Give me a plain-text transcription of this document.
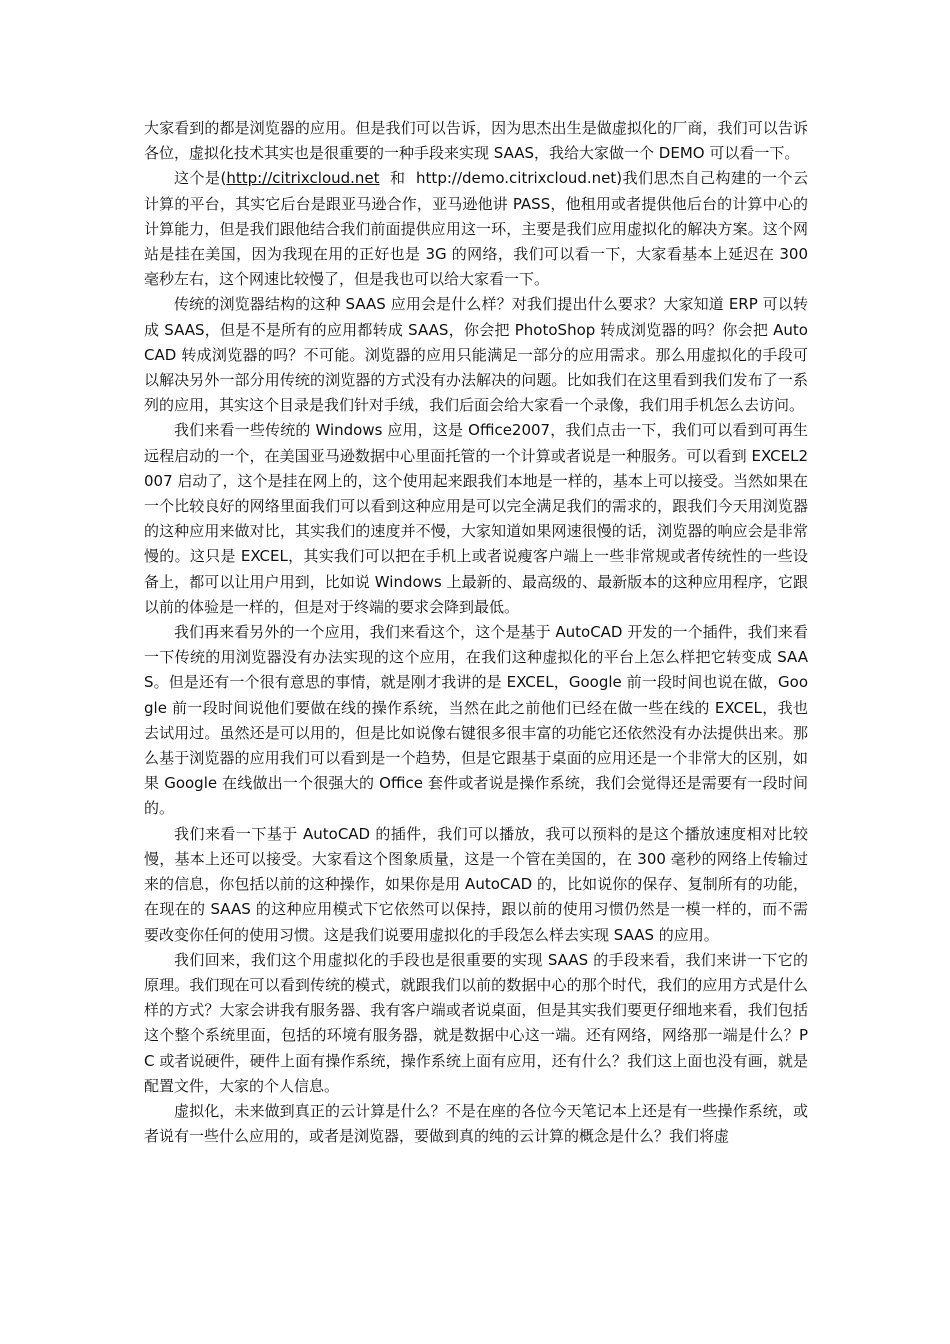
大家看到的都是浏览器的应用。但是我们可以告诉，因为思杰出生是做虚拟化的厂商，我们可以告诉各位，虚拟化技术其实也是很重要的一种手段来实现 SAAS，我给大家做一个 DEMO 可以看一下。

这个是(http://citrixcloud.net  和  http://demo.citrixcloud.net)我们思杰自己构建的一个云计算的平台，其实它后台是跟亚马逊合作，亚马逊他讲 PASS，他租用或者提供他后台的计算中心的计算能力，但是我们跟他结合我们前面提供应用这一环，主要是我们应用虚拟化的解决方案。这个网站是挂在美国，因为我现在用的正好也是 3G 的网络，我们可以看一下，大家看基本上延迟在 300 毫秒左右，这个网速比较慢了，但是我也可以给大家看一下。

传统的浏览器结构的这种 SAAS 应用会是什么样？对我们提出什么要求？大家知道 ERP 可以转成 SAAS，但是不是所有的应用都转成 SAAS，你会把 PhotoShop 转成浏览器的吗？你会把 AutoCAD 转成浏览器的吗？不可能。浏览器的应用只能满足一部分的应用需求。那么用虚拟化的手段可以解决另外一部分用传统的浏览器的方式没有办法解决的问题。比如我们在这里看到我们发布了一系列的应用，其实这个目录是我们针对手绒，我们后面会给大家看一个录像，我们用手机怎么去访问。

我们来看一些传统的 Windows 应用，这是 Office2007，我们点击一下，我们可以看到可再生远程启动的一个，在美国亚马逊数据中心里面托管的一个计算或者说是一种服务。可以看到 EXCEL2007 启动了，这个是挂在网上的，这个使用起来跟我们本地是一样的，基本上可以接受。当然如果在一个比较良好的网络里面我们可以看到这种应用是可以完全满足我们的需求的，跟我们今天用浏览器的这种应用来做对比，其实我们的速度并不慢，大家知道如果网速很慢的话，浏览器的响应会是非常慢的。这只是 EXCEL，其实我们可以把在手机上或者说瘦客户端上一些非常规或者传统性的一些设备上，都可以让用户用到，比如说 Windows 上最新的、最高级的、最新版本的这种应用程序，它跟以前的体验是一样的，但是对于终端的要求会降到最低。

我们再来看另外的一个应用，我们来看这个，这个是基于 AutoCAD 开发的一个插件，我们来看一下传统的用浏览器没有办法实现的这个应用，在我们这种虚拟化的平台上怎么样把它转变成 SAAS。但是还有一个很有意思的事情，就是刚才我讲的是 EXCEL，Google 前一段时间也说在做，Google 前一段时间说他们要做在线的操作系统，当然在此之前他们已经在做一些在线的 EXCEL，我也去试用过。虽然还是可以用的，但是比如说像右键很多很丰富的功能它还依然没有办法提供出来。那么基于浏览器的应用我们可以看到是一个趋势，但是它跟基于桌面的应用还是一个非常大的区别，如果 Google 在线做出一个很强大的 Office 套件或者说是操作系统，我们会觉得还是需要有一段时间的。

我们来看一下基于 AutoCAD 的插件，我们可以播放，我可以预料的是这个播放速度相对比较慢，基本上还可以接受。大家看这个图象质量，这是一个管在美国的，在 300 毫秒的网络上传输过来的信息，你包括以前的这种操作，如果你是用 AutoCAD 的，比如说你的保存、复制所有的功能，在现在的 SAAS 的这种应用模式下它依然可以保持，跟以前的使用习惯仍然是一模一样的，而不需要改变你任何的使用习惯。这是我们说要用虚拟化的手段怎么样去实现 SAAS 的应用。

我们回来，我们这个用虚拟化的手段也是很重要的实现 SAAS 的手段来看，我们来讲一下它的原理。我们现在可以看到传统的模式，就跟我们以前的数据中心的那个时代，我们的应用方式是什么样的方式？大家会讲我有服务器、我有客户端或者说桌面，但是其实我们要更仔细地来看，我们包括这个整个系统里面，包括的环境有服务器，就是数据中心这一端。还有网络，网络那一端是什么？PC 或者说硬件，硬件上面有操作系统，操作系统上面有应用，还有什么？我们这上面也没有画，就是配置文件，大家的个人信息。

虚拟化，未来做到真正的云计算是什么？不是在座的各位今天笔记本上还是有一些操作系统，或者说有一些什么应用的，或者是浏览器，要做到真的纯的云计算的概念是什么？我们将虚
